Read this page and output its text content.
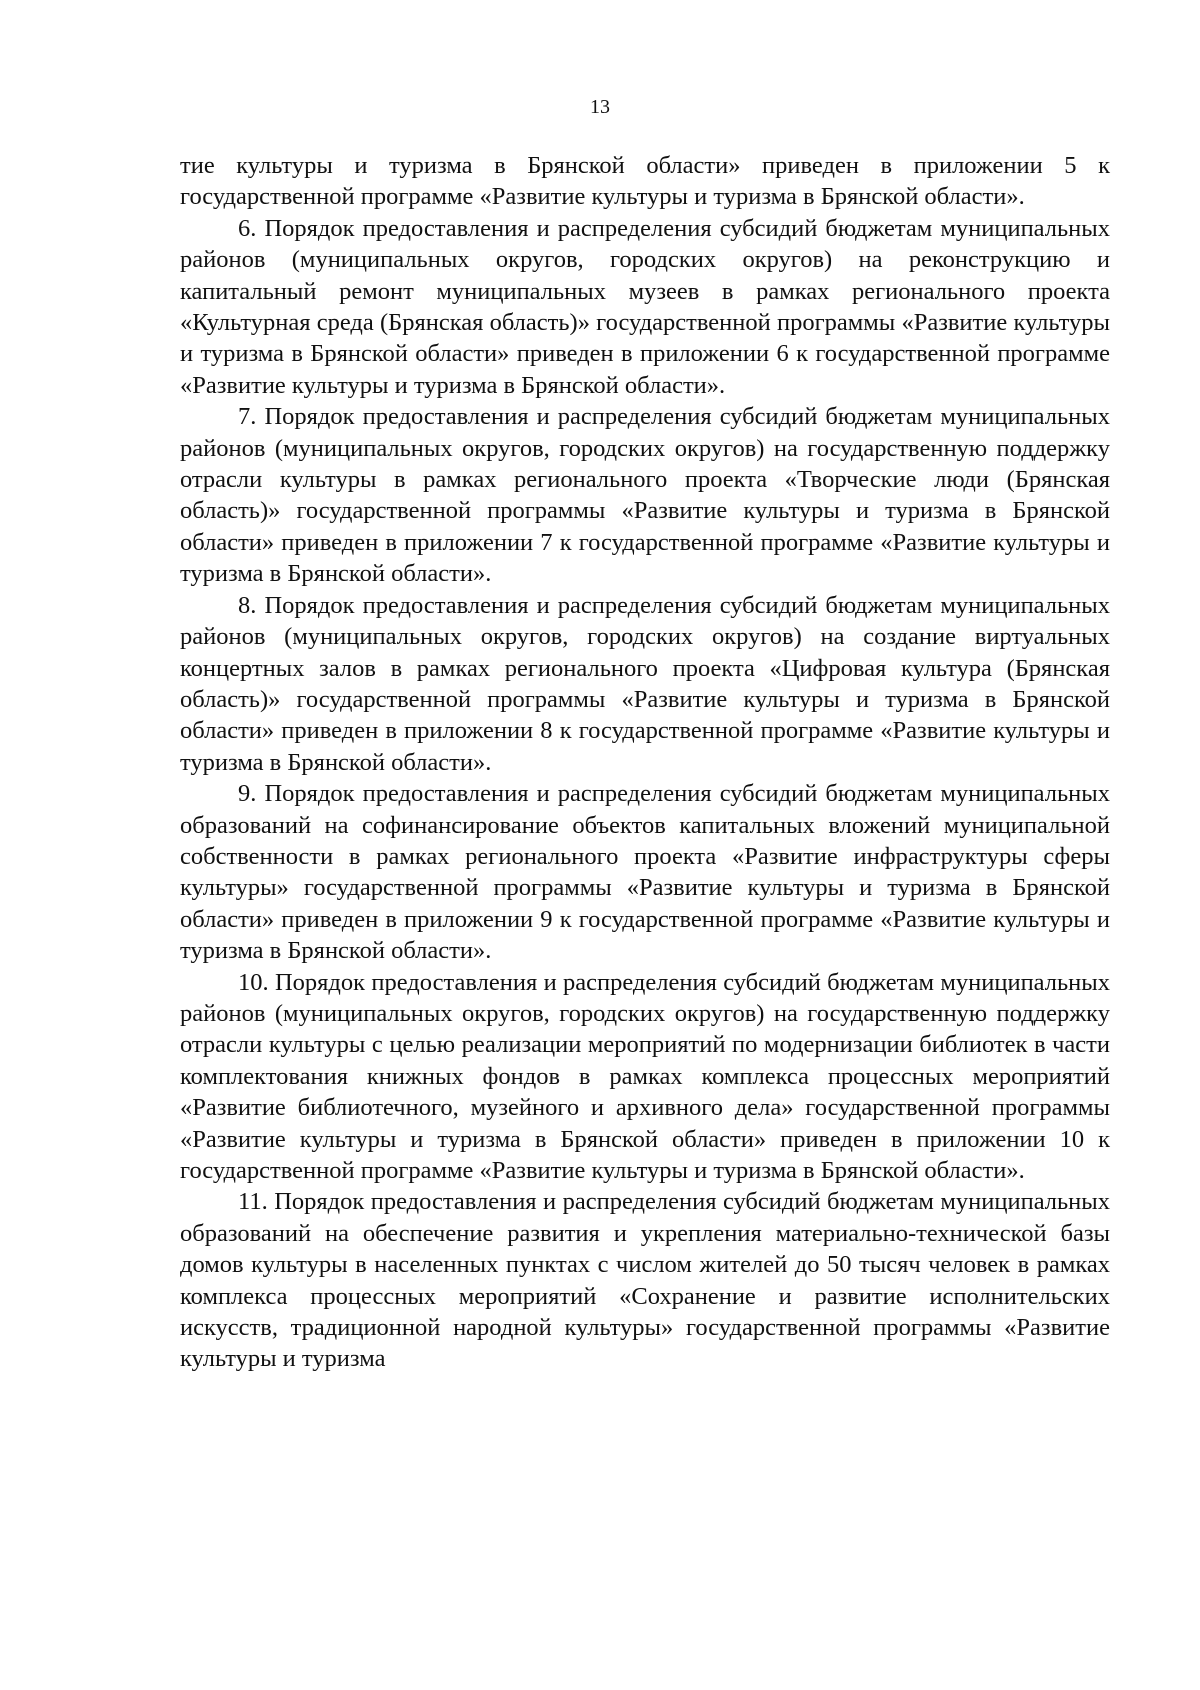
13

тие культуры и туризма в Брянской области» приведен в приложении 5 к государственной программе «Развитие культуры и туризма в Брянской области».

6. Порядок предоставления и распределения субсидий бюджетам муниципальных районов (муниципальных округов, городских округов) на реконструкцию и капитальный ремонт муниципальных музеев в рамках регионального проекта «Культурная среда (Брянская область)» государственной программы «Развитие культуры и туризма в Брянской области» приведен в приложении 6 к государственной программе «Развитие культуры и туризма в Брянской области».

7. Порядок предоставления и распределения субсидий бюджетам муниципальных районов (муниципальных округов, городских округов) на государственную поддержку отрасли культуры в рамках регионального проекта «Творческие люди (Брянская область)» государственной программы «Развитие культуры и туризма в Брянской области» приведен в приложении 7 к государственной программе «Развитие культуры и туризма в Брянской области».

8. Порядок предоставления и распределения субсидий бюджетам муниципальных районов (муниципальных округов, городских округов) на создание виртуальных концертных залов в рамках регионального проекта «Цифровая культура (Брянская область)» государственной программы «Развитие культуры и туризма в Брянской области» приведен в приложении 8 к государственной программе «Развитие культуры и туризма в Брянской области».

9. Порядок предоставления и распределения субсидий бюджетам муниципальных образований на софинансирование объектов капитальных вложений муниципальной собственности в рамках регионального проекта «Развитие инфраструктуры сферы культуры» государственной программы «Развитие культуры и туризма в Брянской области» приведен в приложении 9 к государственной программе «Развитие культуры и туризма в Брянской области».

10. Порядок предоставления и распределения субсидий бюджетам муниципальных районов (муниципальных округов, городских округов) на государственную поддержку отрасли культуры с целью реализации мероприятий по модернизации библиотек в части комплектования книжных фондов в рамках комплекса процессных мероприятий «Развитие библиотечного, музейного и архивного дела» государственной программы «Развитие культуры и туризма в Брянской области» приведен в приложении 10 к государственной программе «Развитие культуры и туризма в Брянской области».

11. Порядок предоставления и распределения субсидий бюджетам муниципальных образований на обеспечение развития и укрепления материально-технической базы домов культуры в населенных пунктах с числом жителей до 50 тысяч человек в рамках комплекса процессных мероприятий «Сохранение и развитие исполнительских искусств, традиционной народной культуры» государственной программы «Развитие культуры и туризма
